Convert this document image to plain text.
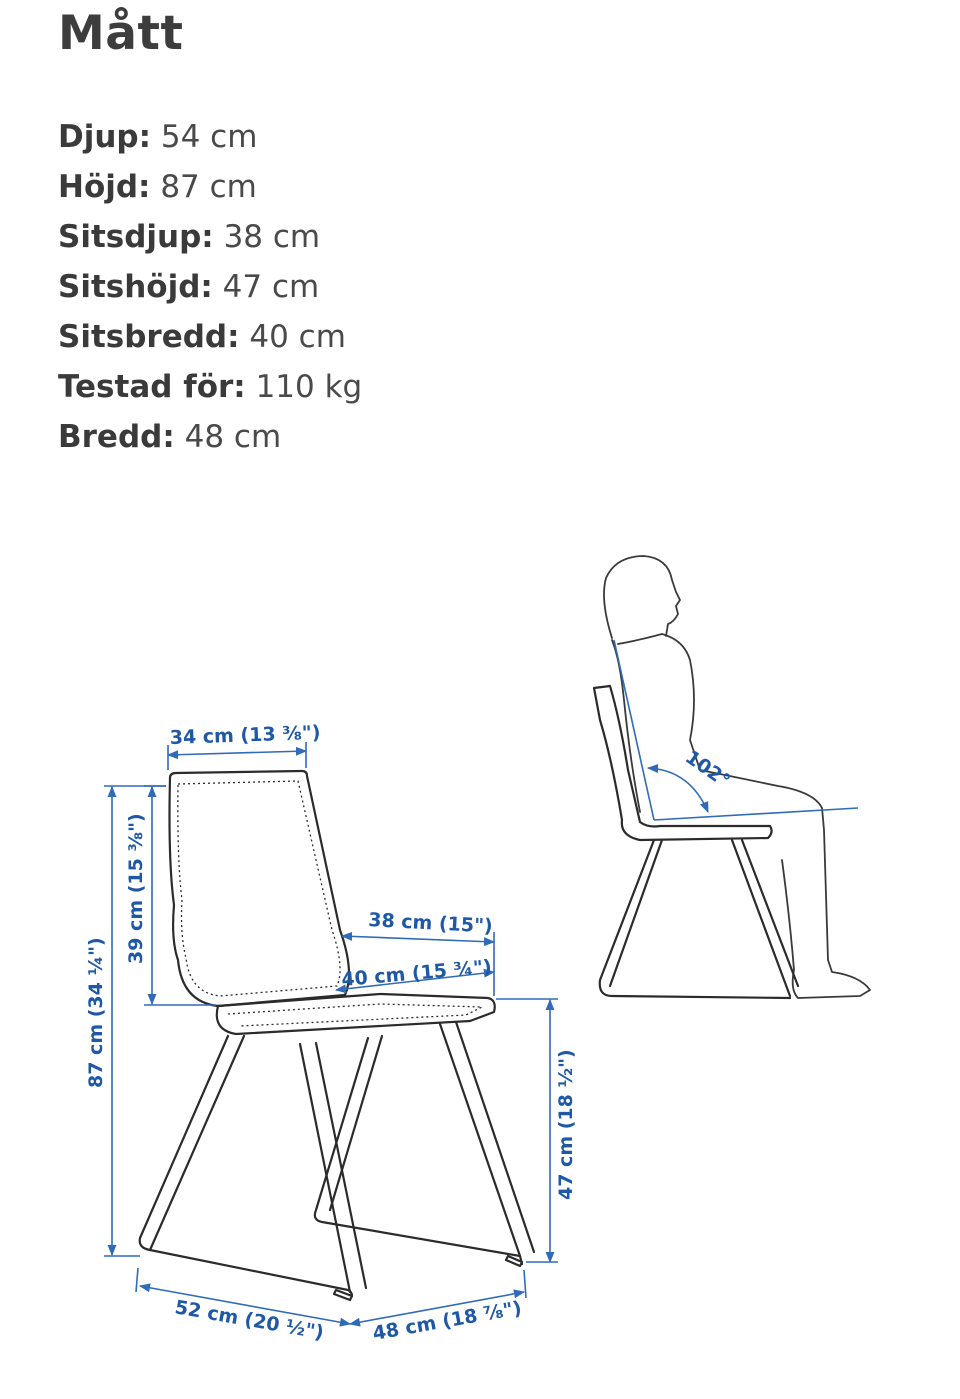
Mått
Djup: 54 cm
Höjd: 87 cm
Sitsdjup: 38 cm
Sitshöjd: 47 cm
Sitsbredd: 40 cm
Testad för: 110 kg
Bredd: 48 cm
34 cm (13 ⅜")
39 cm (15 ⅜")
87 cm (34 ¼")
38 cm (15")
40 cm (15 ¾")
47 cm (18 ½")
52 cm (20 ½") 48 cm (18 ⅞")
102°
